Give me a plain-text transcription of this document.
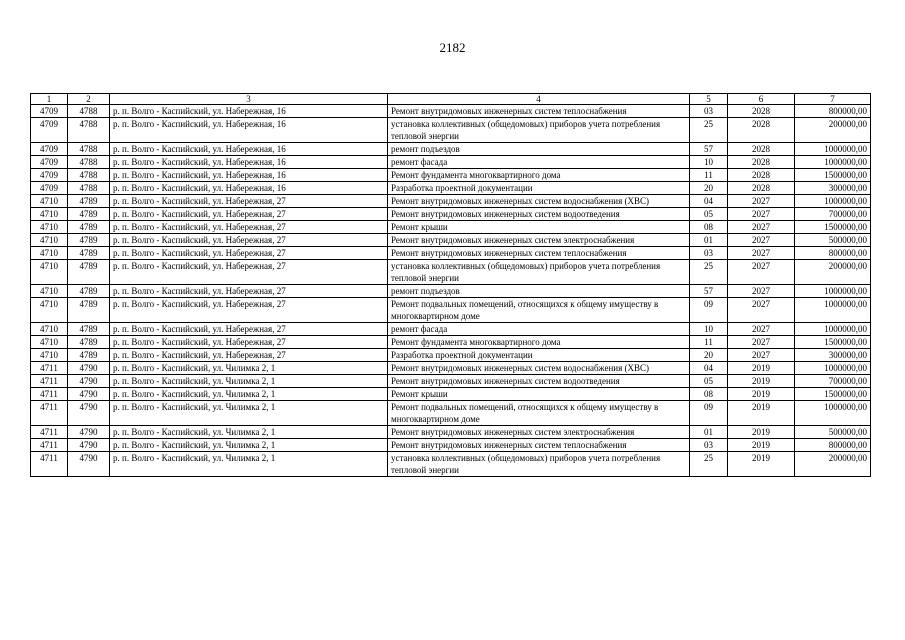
2182
1	2	3	4	5	6	7
4709	4788	р. п. Волго - Каспийский, ул. Набережная, 16	Ремонт внутридомовых инженерных систем теплоснабжения	03	2028	800000,00
4709	4788	р. п. Волго - Каспийский, ул. Набережная, 16	установка коллективных (общедомовых) приборов учета потребления тепловой энергии	25	2028	200000,00
4709	4788	р. п. Волго - Каспийский, ул. Набережная, 16	ремонт подъездов	57	2028	1000000,00
4709	4788	р. п. Волго - Каспийский, ул. Набережная, 16	ремонт фасада	10	2028	1000000,00
4709	4788	р. п. Волго - Каспийский, ул. Набережная, 16	Ремонт фундамента многоквартирного дома	11	2028	1500000,00
4709	4788	р. п. Волго - Каспийский, ул. Набережная, 16	Разработка проектной документации	20	2028	300000,00
4710	4789	р. п. Волго - Каспийский, ул. Набережная, 27	Ремонт внутридомовых инженерных систем водоснабжения (ХВС)	04	2027	1000000,00
4710	4789	р. п. Волго - Каспийский, ул. Набережная, 27	Ремонт внутридомовых инженерных систем водоотведения	05	2027	700000,00
4710	4789	р. п. Волго - Каспийский, ул. Набережная, 27	Ремонт крыши	08	2027	1500000,00
4710	4789	р. п. Волго - Каспийский, ул. Набережная, 27	Ремонт внутридомовых инженерных систем электроснабжения	01	2027	500000,00
4710	4789	р. п. Волго - Каспийский, ул. Набережная, 27	Ремонт внутридомовых инженерных систем теплоснабжения	03	2027	800000,00
4710	4789	р. п. Волго - Каспийский, ул. Набережная, 27	установка коллективных (общедомовых) приборов учета потребления тепловой энергии	25	2027	200000,00
4710	4789	р. п. Волго - Каспийский, ул. Набережная, 27	ремонт подъездов	57	2027	1000000,00
4710	4789	р. п. Волго - Каспийский, ул. Набережная, 27	Ремонт подвальных помещений, относящихся к общему имуществу в многоквартирном доме	09	2027	1000000,00
4710	4789	р. п. Волго - Каспийский, ул. Набережная, 27	ремонт фасада	10	2027	1000000,00
4710	4789	р. п. Волго - Каспийский, ул. Набережная, 27	Ремонт фундамента многоквартирного дома	11	2027	1500000,00
4710	4789	р. п. Волго - Каспийский, ул. Набережная, 27	Разработка проектной документации	20	2027	300000,00
4711	4790	р. п. Волго - Каспийский, ул. Чилимка 2, 1	Ремонт внутридомовых инженерных систем водоснабжения (ХВС)	04	2019	1000000,00
4711	4790	р. п. Волго - Каспийский, ул. Чилимка 2, 1	Ремонт внутридомовых инженерных систем водоотведения	05	2019	700000,00
4711	4790	р. п. Волго - Каспийский, ул. Чилимка 2, 1	Ремонт крыши	08	2019	1500000,00
4711	4790	р. п. Волго - Каспийский, ул. Чилимка 2, 1	Ремонт подвальных помещений, относящихся к общему имуществу в многоквартирном доме	09	2019	1000000,00
4711	4790	р. п. Волго - Каспийский, ул. Чилимка 2, 1	Ремонт внутридомовых инженерных систем электроснабжения	01	2019	500000,00
4711	4790	р. п. Волго - Каспийский, ул. Чилимка 2, 1	Ремонт внутридомовых инженерных систем теплоснабжения	03	2019	800000,00
4711	4790	р. п. Волго - Каспийский, ул. Чилимка 2, 1	установка коллективных (общедомовых) приборов учета потребления тепловой энергии	25	2019	200000,00
